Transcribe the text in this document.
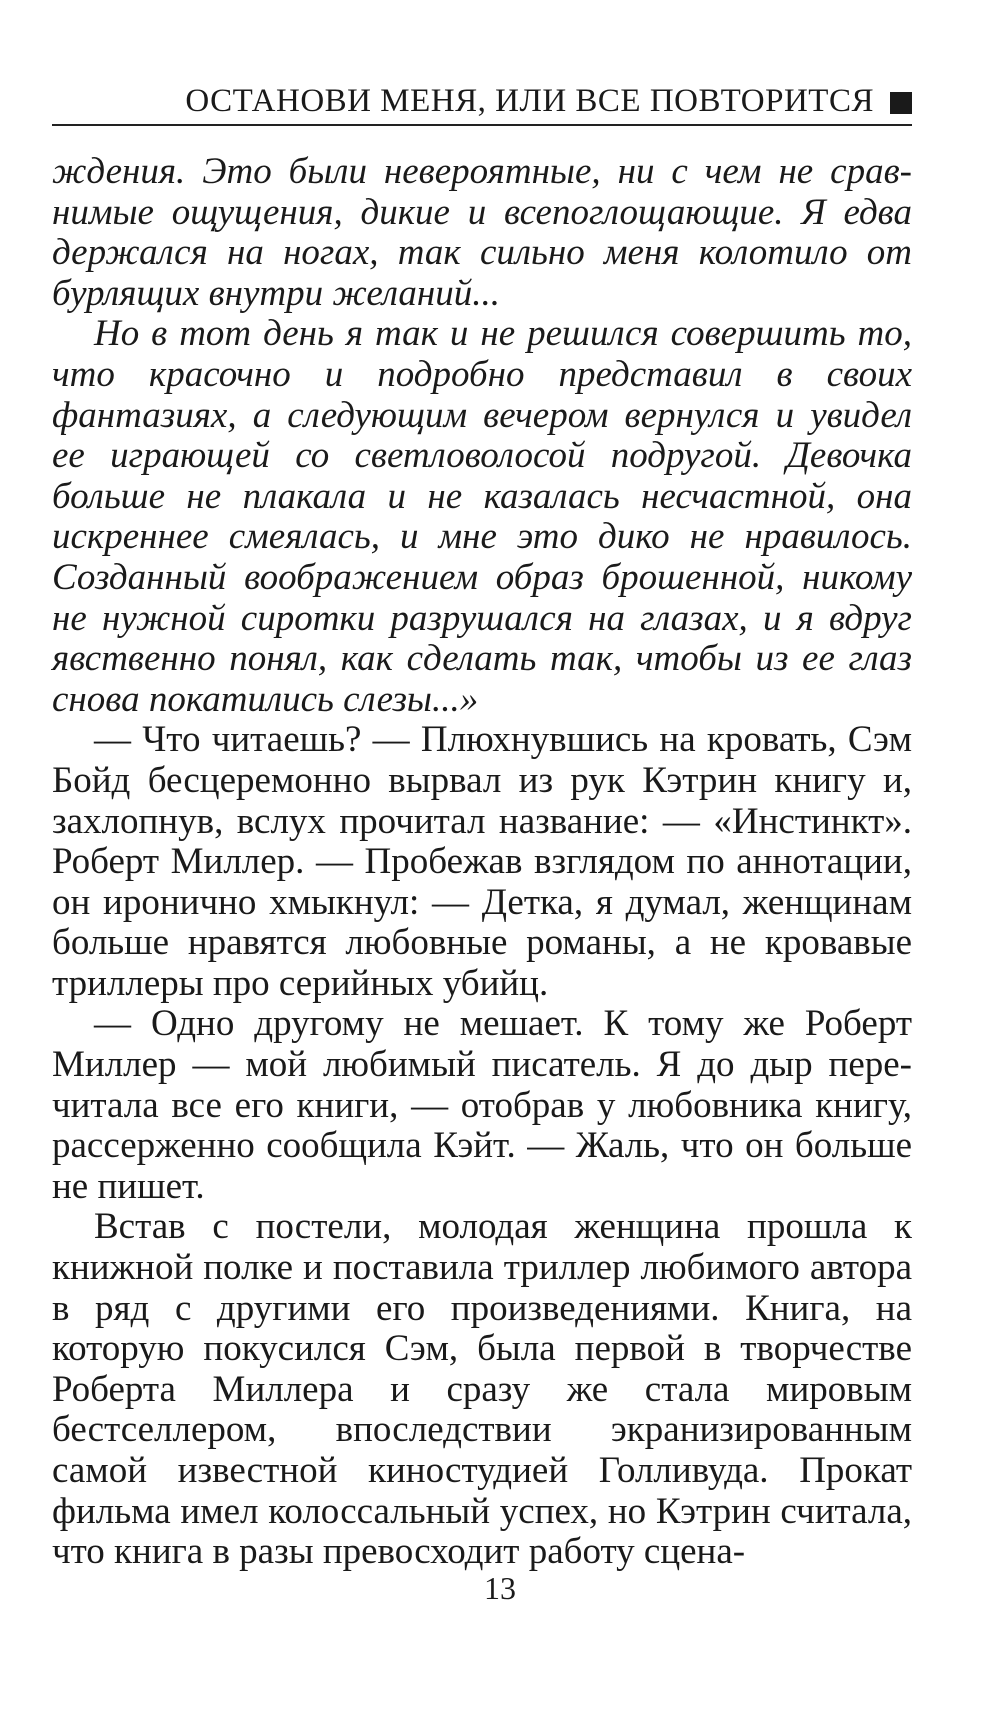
ОСТАНОВИ МЕНЯ, ИЛИ ВСЕ ПОВТОРИТСЯ

ждения. Это были невероятные, ни с чем не сравнимые ощущения, дикие и всепоглощающие. Я едва держался на ногах, так сильно меня колотило от бурлящих внутри желаний...

Но в тот день я так и не решился совершить то, что красочно и подробно представил в своих фантазиях, а следующим вечером вернулся и увидел ее играющей со светловолосой подругой. Девочка больше не плакала и не казалась несчастной, она искреннее смеялась, и мне это дико не нравилось. Созданный воображением образ брошенной, никому не нужной сиротки разрушался на глазах, и я вдруг явственно понял, как сделать так, чтобы из ее глаз снова покатились слезы...»

— Что читаешь? — Плюхнувшись на кровать, Сэм Бойд бесцеремонно вырвал из рук Кэтрин книгу и, захлопнув, вслух прочитал название: — «Инстинкт». Роберт Миллер. — Пробежав взглядом по аннотации, он иронично хмыкнул: — Детка, я думал, женщинам больше нравятся любовные романы, а не кровавые триллеры про серийных убийц.

— Одно другому не мешает. К тому же Роберт Миллер — мой любимый писатель. Я до дыр перечитала все его книги, — отобрав у любовника книгу, рассерженно сообщила Кэйт. — Жаль, что он больше не пишет.

Встав с постели, молодая женщина прошла к книжной полке и поставила триллер любимого автора в ряд с другими его произведениями. Книга, на которую покусился Сэм, была первой в творчестве Роберта Миллера и сразу же стала мировым бестселлером, впоследствии экранизированным самой известной киностудией Голливуда. Прокат фильма имел колоссальный успех, но Кэтрин считала, что книга в разы превосходит работу сцена-

13
